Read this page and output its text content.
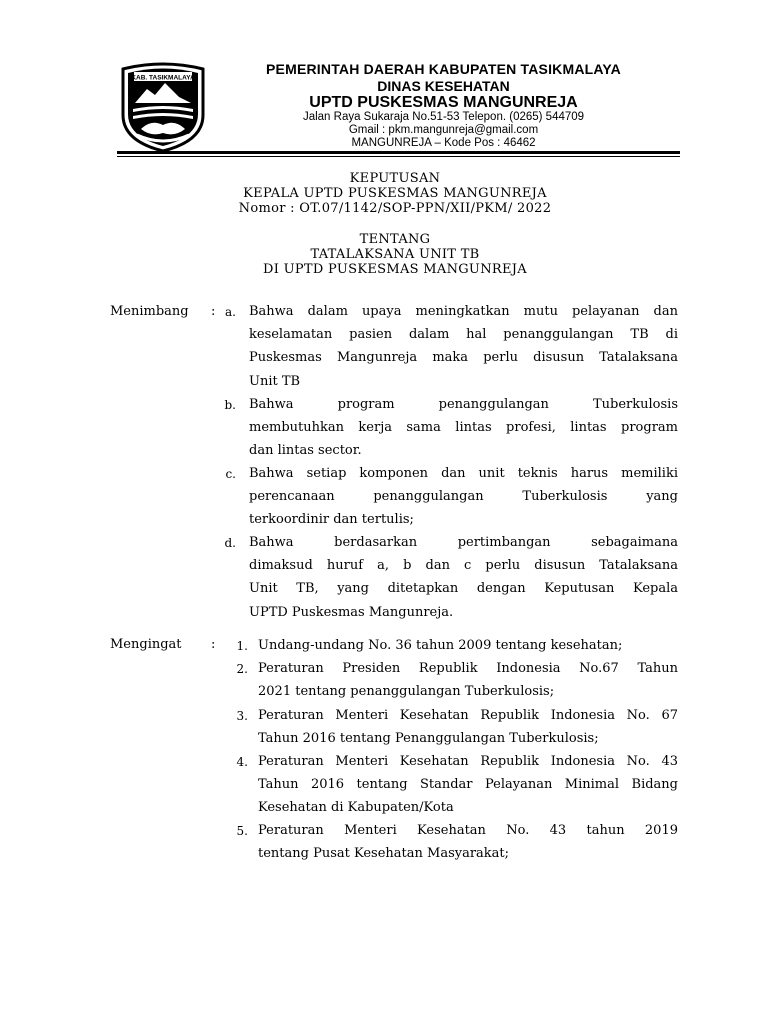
KAB. TASIKMALAYA
PEMERINTAH DAERAH KABUPATEN TASIKMALAYA
DINAS KESEHATAN
UPTD PUSKESMAS MANGUNREJA
Jalan Raya Sukaraja No.51-53 Telepon. (0265) 544709
Gmail : pkm.mangunreja@gmail.com
MANGUNREJA – Kode Pos : 46462
KEPUTUSAN
KEPALA UPTD PUSKESMAS MANGUNREJA
Nomor : OT.07/1142/SOP-PPN/XII/PKM/ 2022
TENTANG
TATALAKSANA UNIT TB
DI UPTD PUSKESMAS MANGUNREJA
Menimbang : a. Bahwa dalam upaya meningkatkan mutu pelayanan dan
keselamatan pasien dalam hal penanggulangan TB di
Puskesmas Mangunreja maka perlu disusun Tatalaksana
Unit TB
b. Bahwa program penanggulangan Tuberkulosis
membutuhkan kerja sama lintas profesi, lintas program
dan lintas sector.
c. Bahwa setiap komponen dan unit teknis harus memiliki
perencanaan penanggulangan Tuberkulosis yang
terkoordinir dan tertulis;
d. Bahwa berdasarkan pertimbangan sebagaimana
dimaksud huruf a, b dan c perlu disusun Tatalaksana
Unit TB, yang ditetapkan dengan Keputusan Kepala
UPTD Puskesmas Mangunreja.
Mengingat :	1. Undang-undang No. 36 tahun 2009 tentang kesehatan;
2. Peraturan Presiden Republik Indonesia No.67 Tahun
2021 tentang penanggulangan Tuberkulosis;
3. Peraturan Menteri Kesehatan Republik Indonesia No. 67
Tahun 2016 tentang Penanggulangan Tuberkulosis;
4. Peraturan Menteri Kesehatan Republik Indonesia No. 43
Tahun 2016 tentang Standar Pelayanan Minimal Bidang
Kesehatan di Kabupaten/Kota
5. Peraturan Menteri Kesehatan No. 43 tahun 2019
tentang Pusat Kesehatan Masyarakat;
